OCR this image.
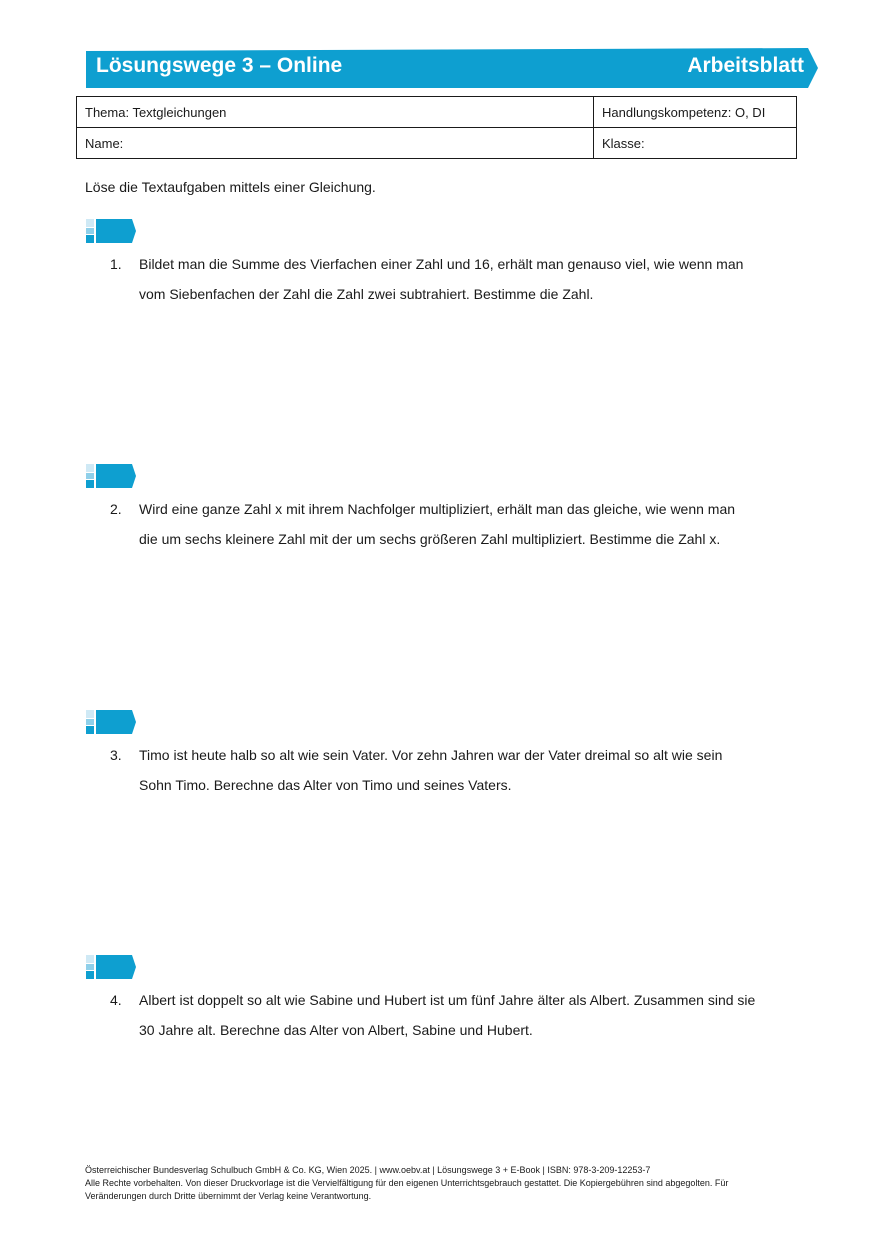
Lösungswege 3 – Online	Arbeitsblatt
Thema: Textgleichungen	Handlungskompetenz: O, DI
Name:	Klasse:
Löse die Textaufgaben mittels einer Gleichung.
1.	Bildet man die Summe des Vierfachen einer Zahl und 16, erhält man genauso viel, wie wenn man
vom Siebenfachen der Zahl die Zahl zwei subtrahiert. Bestimme die Zahl.
2.	Wird eine ganze Zahl x mit ihrem Nachfolger multipliziert, erhält man das gleiche, wie wenn man
die um sechs kleinere Zahl mit der um sechs größeren Zahl multipliziert. Bestimme die Zahl x.
3.	Timo ist heute halb so alt wie sein Vater. Vor zehn Jahren war der Vater dreimal so alt wie sein
Sohn Timo. Berechne das Alter von Timo und seines Vaters.
4.	Albert ist doppelt so alt wie Sabine und Hubert ist um fünf Jahre älter als Albert. Zusammen sind sie
30 Jahre alt. Berechne das Alter von Albert, Sabine und Hubert.
Österreichischer Bundesverlag Schulbuch GmbH & Co. KG, Wien 2025. | www.oebv.at | Lösungswege 3 + E-Book | ISBN: 978-3-209-12253-7
Alle Rechte vorbehalten. Von dieser Druckvorlage ist die Vervielfältigung für den eigenen Unterrichtsgebrauch gestattet. Die Kopiergebühren sind abgegolten. Für
Veränderungen durch Dritte übernimmt der Verlag keine Verantwortung.
